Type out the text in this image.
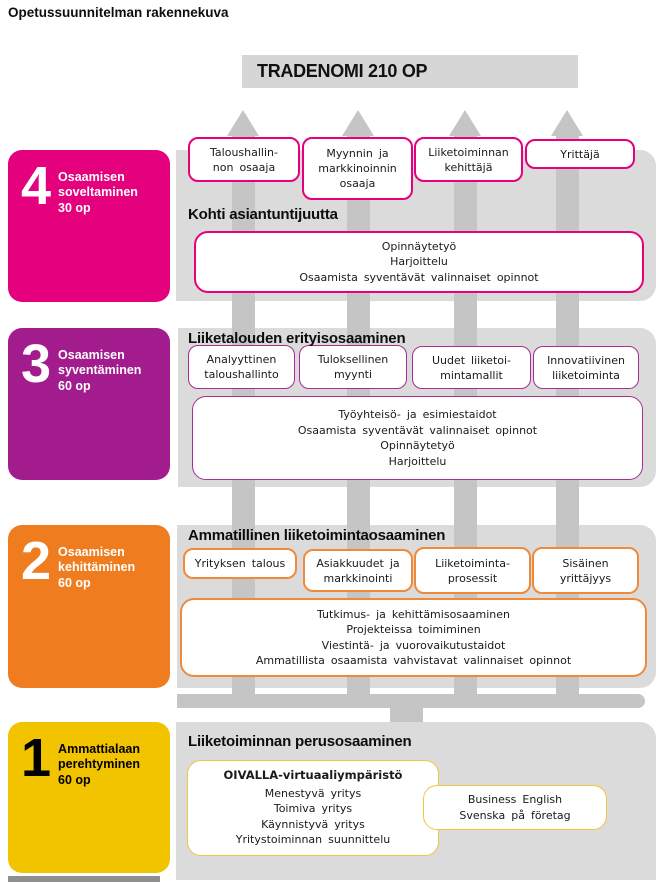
Opetussuunnitelman rakennekuva
TRADENOMI 210 OP
4 Osaamisen
soveltaminen
30 op
3 Osaamisen
syventäminen
60 op
2 Osaamisen
kehittäminen
60 op
1 Ammattialaan
perehtyminen
60 op
Taloushallin-
non osaaja
Myynnin ja
markkinoinnin
osaaja
Liiketoiminnan
kehittäjä
Yrittäjä
Kohti asiantuntijuutta
Opinnäytetyö
Harjoittelu
Osaamista syventävät valinnaiset opinnot
Liiketalouden erityisosaaminen
Analyyttinen
taloushallinto
Tuloksellinen
myynti
Uudet liiketoi-
mintamallit
Innovatiivinen
liiketoiminta
Työyhteisö- ja esimiestaidot
Osaamista syventävät valinnaiset opinnot
Opinnäytetyö
Harjoittelu
Ammatillinen liiketoimintaosaaminen
Yrityksen talous	Asiakkuudet ja
markkinointi
Liiketoiminta-
prosessit
Sisäinen
yrittäjyys
Tutkimus- ja kehittämisosaaminen
Projekteissa toimiminen
Viestintä- ja vuorovaikutustaidot
Ammatillista osaamista vahvistavat valinnaiset opinnot
Liiketoiminnan perusosaaminen
OIVALLA-virtuaaliympäristö
Menestyvä yritys
Toimiva yritys
Käynnistyvä yritys
Yritystoiminnan suunnittelu
Business English
Svenska på företag
